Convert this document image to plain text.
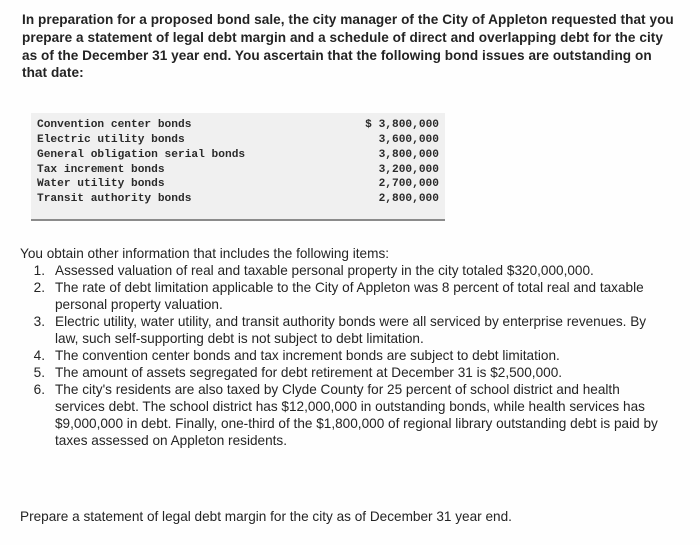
In preparation for a proposed bond sale, the city manager of the City of Appleton requested that you prepare a statement of legal debt margin and a schedule of direct and overlapping debt for the city as of the December 31 year end. You ascertain that the following bond issues are outstanding on that date:

Convention center bonds

	$ 3,800,000

Electric utility bonds

	3,600,000

General obligation serial bonds

	3,800,000

Tax increment bonds

	3,200,000

Water utility bonds

	2,700,000

Transit authority bonds

	2,800,000

You obtain other information that includes the following items:

1. Assessed valuation of real and taxable personal property in the city totaled $320,000,000.
2. The rate of debt limitation applicable to the City of Appleton was 8 percent of total real and taxable personal property valuation.
3. Electric utility, water utility, and transit authority bonds were all serviced by enterprise revenues. By law, such self-supporting debt is not subject to debt limitation.
4. The convention center bonds and tax increment bonds are subject to debt limitation.
5. The amount of assets segregated for debt retirement at December 31 is $2,500,000.
6. The city's residents are also taxed by Clyde County for 25 percent of school district and health services debt. The school district has $12,000,000 in outstanding bonds, while health services has $9,000,000 in debt. Finally, one-third of the $1,800,000 of regional library outstanding debt is paid by taxes assessed on Appleton residents.
Prepare a statement of legal debt margin for the city as of December 31 year end.
